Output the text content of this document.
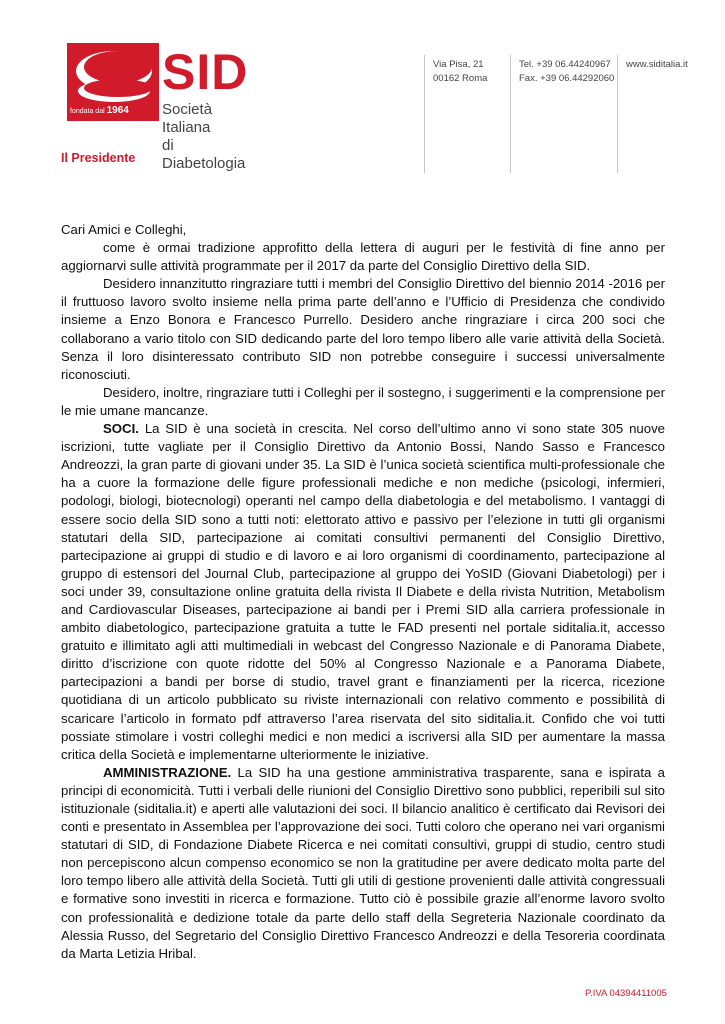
fondata dal 1964
SID
Società Italiana
di Diabetologia
Via Pisa, 21
00162 Roma
Tel. +39 06.44240967
Fax. +39 06.44292060
www.siditalia.it
Il Presidente

Cari Amici e Colleghi,

come è ormai tradizione approfitto della lettera di auguri per le festività di fine anno per aggiornarvi sulle attività programmate per il 2017 da parte del Consiglio Direttivo della SID.

Desidero innanzitutto ringraziare tutti i membri del Consiglio Direttivo del biennio 2014 -2016 per il fruttuoso lavoro svolto insieme nella prima parte dell’anno e l’Ufficio di Presidenza che condivido insieme a Enzo Bonora e Francesco Purrello. Desidero anche ringraziare i circa 200 soci che collaborano a vario titolo con SID dedicando parte del loro tempo libero alle varie attività della Società. Senza il loro disinteressato contributo SID non potrebbe conseguire i successi universalmente riconosciuti.

Desidero, inoltre, ringraziare tutti i Colleghi per il sostegno, i suggerimenti e la comprensione per le mie umane mancanze.

SOCI. La SID è una società in crescita. Nel corso dell’ultimo anno vi sono state 305 nuove iscrizioni, tutte vagliate per il Consiglio Direttivo da Antonio Bossi, Nando Sasso e Francesco Andreozzi, la gran parte di giovani under 35. La SID è l’unica società scientifica multi-professionale che ha a cuore la formazione delle figure professionali mediche e non mediche (psicologi, infermieri, podologi, biologi, biotecnologi) operanti nel campo della diabetologia e del metabolismo. I vantaggi di essere socio della SID sono a tutti noti: elettorato attivo e passivo per l’elezione in tutti gli organismi statutari della SID, partecipazione ai comitati consultivi permanenti del Consiglio Direttivo, partecipazione ai gruppi di studio e di lavoro e ai loro organismi di coordinamento, partecipazione al gruppo di estensori del Journal Club, partecipazione al gruppo dei YoSID (Giovani Diabetologi) per i soci under 39, consultazione online gratuita della rivista Il Diabete e della rivista Nutrition, Metabolism and Cardiovascular Diseases, partecipazione ai bandi per i Premi SID alla carriera professionale in ambito diabetologico, partecipazione gratuita a tutte le FAD presenti nel portale siditalia.it, accesso gratuito e illimitato agli atti multimediali in webcast del Congresso Nazionale e di Panorama Diabete, diritto d’iscrizione con quote ridotte del 50% al Congresso Nazionale e a Panorama Diabete, partecipazioni a bandi per borse di studio, travel grant e finanziamenti per la ricerca, ricezione quotidiana di un articolo pubblicato su riviste internazionali con relativo commento e possibilità di scaricare l’articolo in formato pdf attraverso l’area riservata del sito siditalia.it. Confido che voi tutti possiate stimolare i vostri colleghi medici e non medici a iscriversi alla SID per aumentare la massa critica della Società e implementarne ulteriormente le iniziative.

AMMINISTRAZIONE. La SID ha una gestione amministrativa trasparente, sana e ispirata a principi di economicità. Tutti i verbali delle riunioni del Consiglio Direttivo sono pubblici, reperibili sul sito istituzionale (siditalia.it) e aperti alle valutazioni dei soci. Il bilancio analitico è certificato dai Revisori dei conti e presentato in Assemblea per l’approvazione dei soci. Tutti coloro che operano nei vari organismi statutari di SID, di Fondazione Diabete Ricerca e nei comitati consultivi, gruppi di studio, centro studi non percepiscono alcun compenso economico se non la gratitudine per avere dedicato molta parte del loro tempo libero alle attività della Società. Tutti gli utili di gestione provenienti dalle attività congressuali e formative sono investiti in ricerca e formazione. Tutto ciò è possibile grazie all’enorme lavoro svolto con professionalità e dedizione totale da parte dello staff della Segreteria Nazionale coordinato da Alessia Russo, del Segretario del Consiglio Direttivo Francesco Andreozzi e della Tesoreria coordinata da Marta Letizia Hribal.

P.IVA 04394411005
